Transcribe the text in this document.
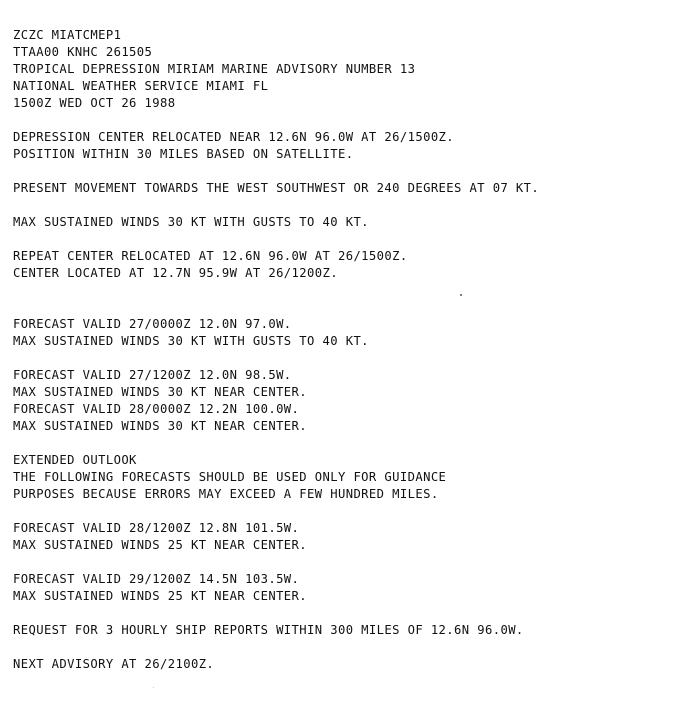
ZCZC MIATCMEP1
TTAA00 KNHC 261505
TROPICAL DEPRESSION MIRIAM MARINE ADVISORY NUMBER 13
NATIONAL WEATHER SERVICE MIAMI FL
1500Z WED OCT 26 1988
DEPRESSION CENTER RELOCATED NEAR 12.6N 96.0W AT 26/1500Z.
POSITION WITHIN 30 MILES BASED ON SATELLITE.
PRESENT MOVEMENT TOWARDS THE WEST SOUTHWEST OR 240 DEGREES AT 07 KT.
MAX SUSTAINED WINDS 30 KT WITH GUSTS TO 40 KT.
REPEAT CENTER RELOCATED AT 12.6N 96.0W AT 26/1500Z.
CENTER LOCATED AT 12.7N 95.9W AT 26/1200Z.
FORECAST VALID 27/0000Z 12.0N 97.0W.
MAX SUSTAINED WINDS 30 KT WITH GUSTS TO 40 KT.
FORECAST VALID 27/1200Z 12.0N 98.5W.
MAX SUSTAINED WINDS 30 KT NEAR CENTER.
FORECAST VALID 28/0000Z 12.2N 100.0W.
MAX SUSTAINED WINDS 30 KT NEAR CENTER.
EXTENDED OUTLOOK
THE FOLLOWING FORECASTS SHOULD BE USED ONLY FOR GUIDANCE
PURPOSES BECAUSE ERRORS MAY EXCEED A FEW HUNDRED MILES.
FORECAST VALID 28/1200Z 12.8N 101.5W.
MAX SUSTAINED WINDS 25 KT NEAR CENTER.
FORECAST VALID 29/1200Z 14.5N 103.5W.
MAX SUSTAINED WINDS 25 KT NEAR CENTER.
REQUEST FOR 3 HOURLY SHIP REPORTS WITHIN 300 MILES OF 12.6N 96.0W.
NEXT ADVISORY AT 26/2100Z.
